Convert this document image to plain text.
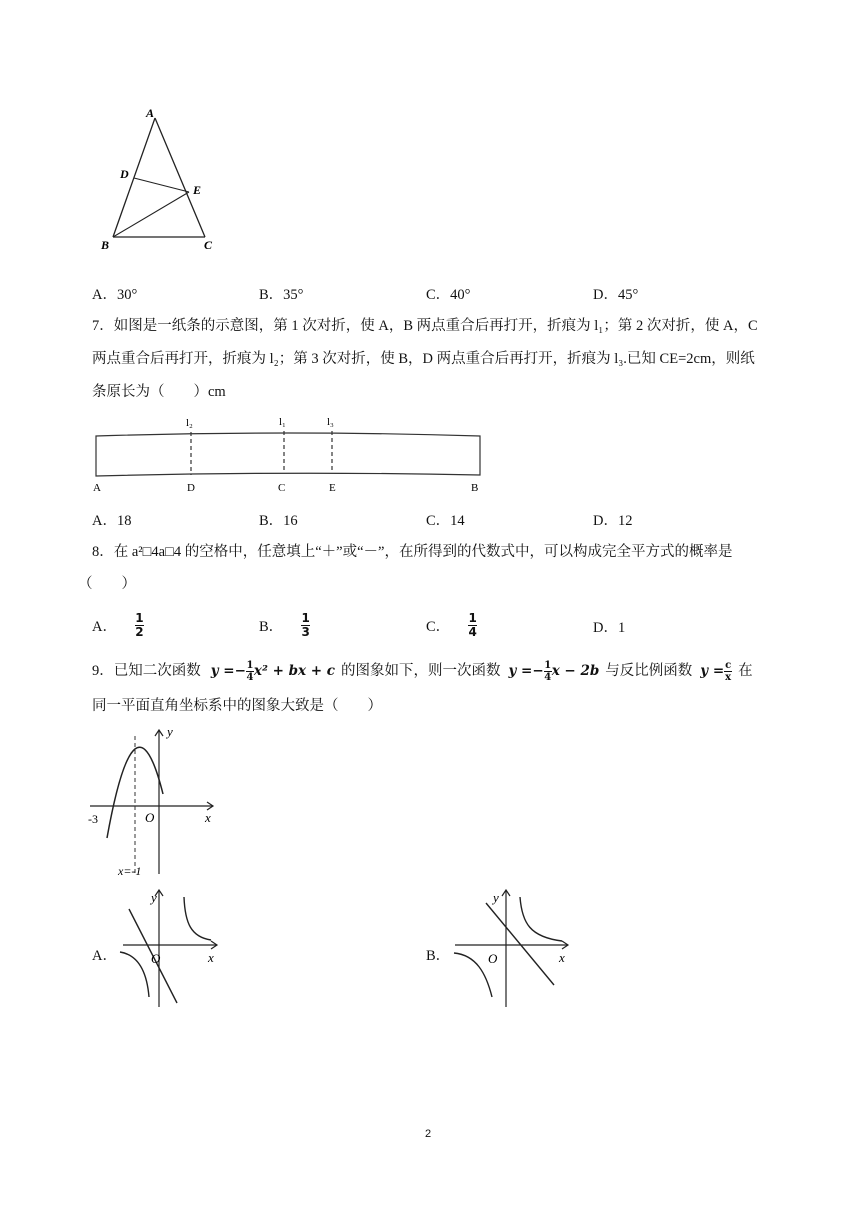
A
D
E
B	C
A．30°	B．35°	C．40°	D．45°
7．如图是一纸条的示意图，第 1 次对折，使 A，B 两点重合后再打开，折痕为 l₁；第 2 次对折，使 A，C
两点重合后再打开，折痕为 l₂；第 3 次对折，使 B，D 两点重合后再打开，折痕为 l₃.已知 CE=2cm，则纸
条原长为（　　）cm
l₂	l₁	l₃
A	D	C	E	B
A．18	B．16	C．14	D．12
8．在 a²□4a□4 的空格中，任意填上“＋”或“－”，在所得到的代数式中，可以构成完全平方式的概率是
（　　）
A． $\frac{1}{2}$	B． $\frac{1}{3}$	C． $\frac{1}{4}$	D．1
9．已知二次函数 y =− 1
4 x² + bx + c 的图象如下，则一次函数 y =− 1
4 x − 2b 与反比例函数 y = c
x 在
同一平面直角坐标系中的图象大致是（　　）
-3	O	x
y
x=-1
A．	O	x
y
B．	O	x
y
2
